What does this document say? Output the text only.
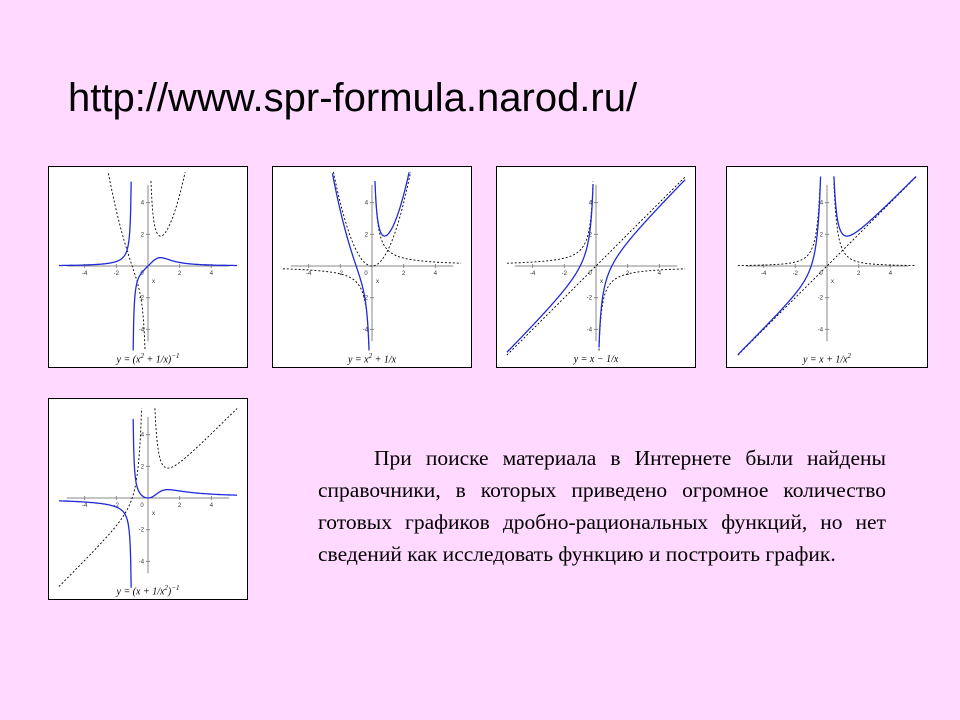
http://www.spr-formula.narod.ru/
-4	-2	0	2	4
4
2
-2
-4
x
$y = (x^2 + 1/x)^{-1}$
-4	-2	0	2	4
4
2
-2
-4
x
$y = x^2 + 1/x$
-4	-2	0	2	4
4
2
-2
-4
x
y = x − 1/x
-4	-2	0	2	4
4
2
-2
-4
x
$y = x + 1/x^2$
-4	-2	0	2	4
4
2
-2
-4
x
$y = (x + 1/x^2)^{-1}$

При поиске материала в Интернете были найдены справочники, в которых приведено огромное количество готовых графиков дробно-рациональных функций, но нет сведений как исследовать функцию и построить график.
